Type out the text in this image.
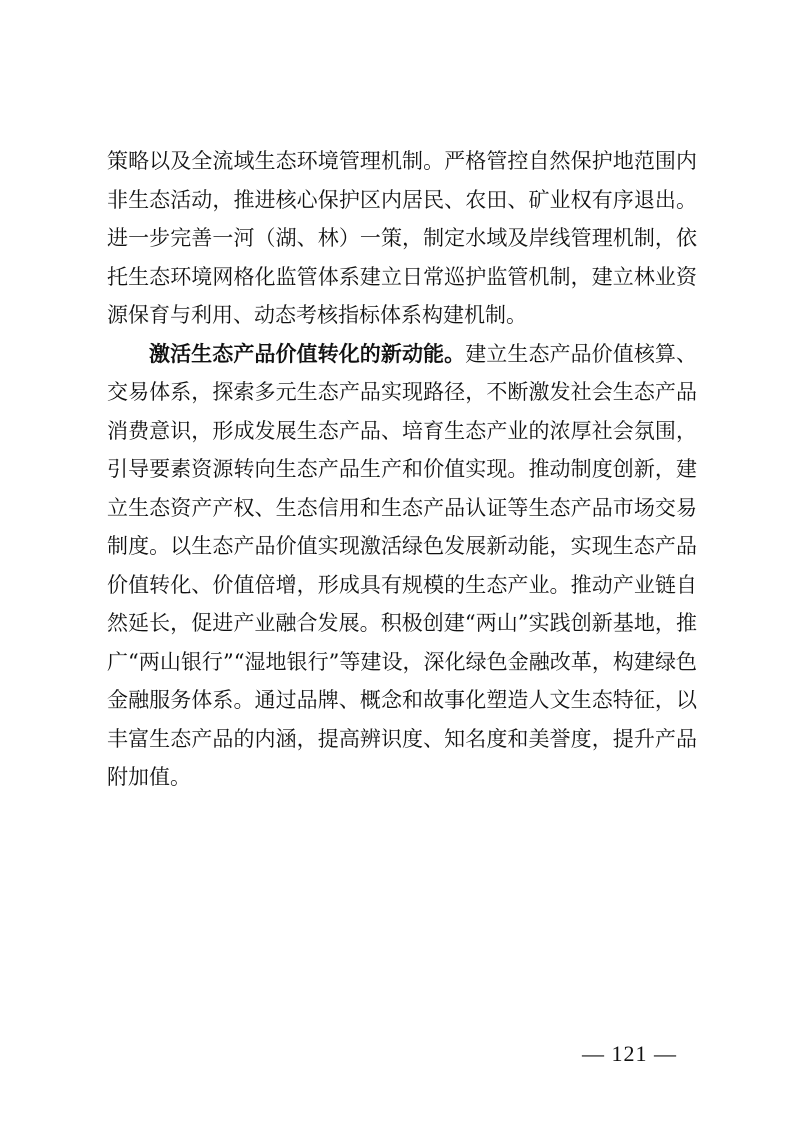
策略以及全流域生态环境管理机制。严格管控自然保护地范围内非生态活动，推进核心保护区内居民、农田、矿业权有序退出。进一步完善一河（湖、林）一策，制定水域及岸线管理机制，依托生态环境网格化监管体系建立日常巡护监管机制，建立林业资源保育与利用、动态考核指标体系构建机制。

激活生态产品价值转化的新动能。建立生态产品价值核算、交易体系，探索多元生态产品实现路径，不断激发社会生态产品消费意识，形成发展生态产品、培育生态产业的浓厚社会氛围，引导要素资源转向生态产品生产和价值实现。推动制度创新，建立生态资产产权、生态信用和生态产品认证等生态产品市场交易制度。以生态产品价值实现激活绿色发展新动能，实现生态产品价值转化、价值倍增，形成具有规模的生态产业。推动产业链自然延长，促进产业融合发展。积极创建“两山”实践创新基地，推广“两山银行”“湿地银行”等建设，深化绿色金融改革，构建绿色金融服务体系。通过品牌、概念和故事化塑造人文生态特征，以丰富生态产品的内涵，提高辨识度、知名度和美誉度，提升产品附加值。

— 121 —
